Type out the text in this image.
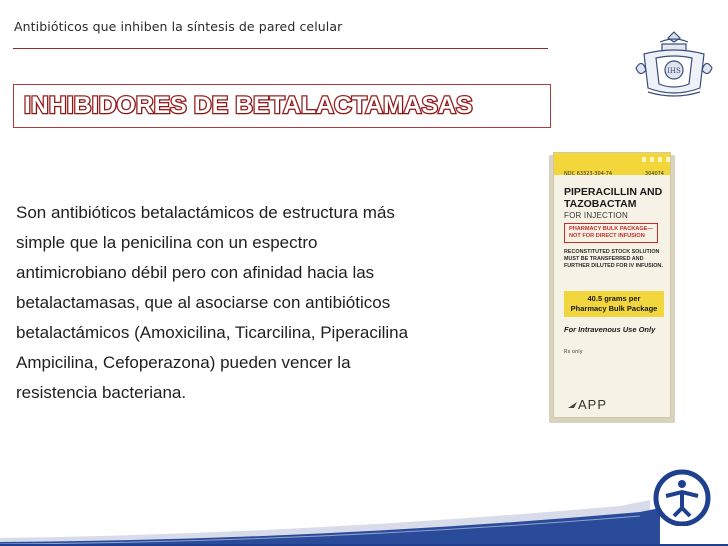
Antibióticos que inhiben la síntesis de pared celular
IHS
INHIBIDORES DE BETALACTAMASAS

Son antibióticos betalactámicos de estructura más
simple que la penicilina con un espectro
antimicrobiano débil pero con afinidad hacia las
betalactamasas, que al asociarse con antibióticos
betalactámicos (Amoxicilina, Ticarcilina, Piperacilina
Ampicilina, Cefoperazona) pueden vencer la
resistencia bacteriana.

NDC 63323-304-74	304074
PIPERACILLIN AND
TAZOBACTAM
FOR INJECTION
PHARMACY BULK PACKAGE—
NOT FOR DIRECT INFUSION
RECONSTITUTED STOCK SOLUTION
MUST BE TRANSFERRED AND
FURTHER DILUTED FOR IV INFUSION.
40.5 grams per
Pharmacy Bulk Package
For Intravenous Use Only
Rx only
APP
